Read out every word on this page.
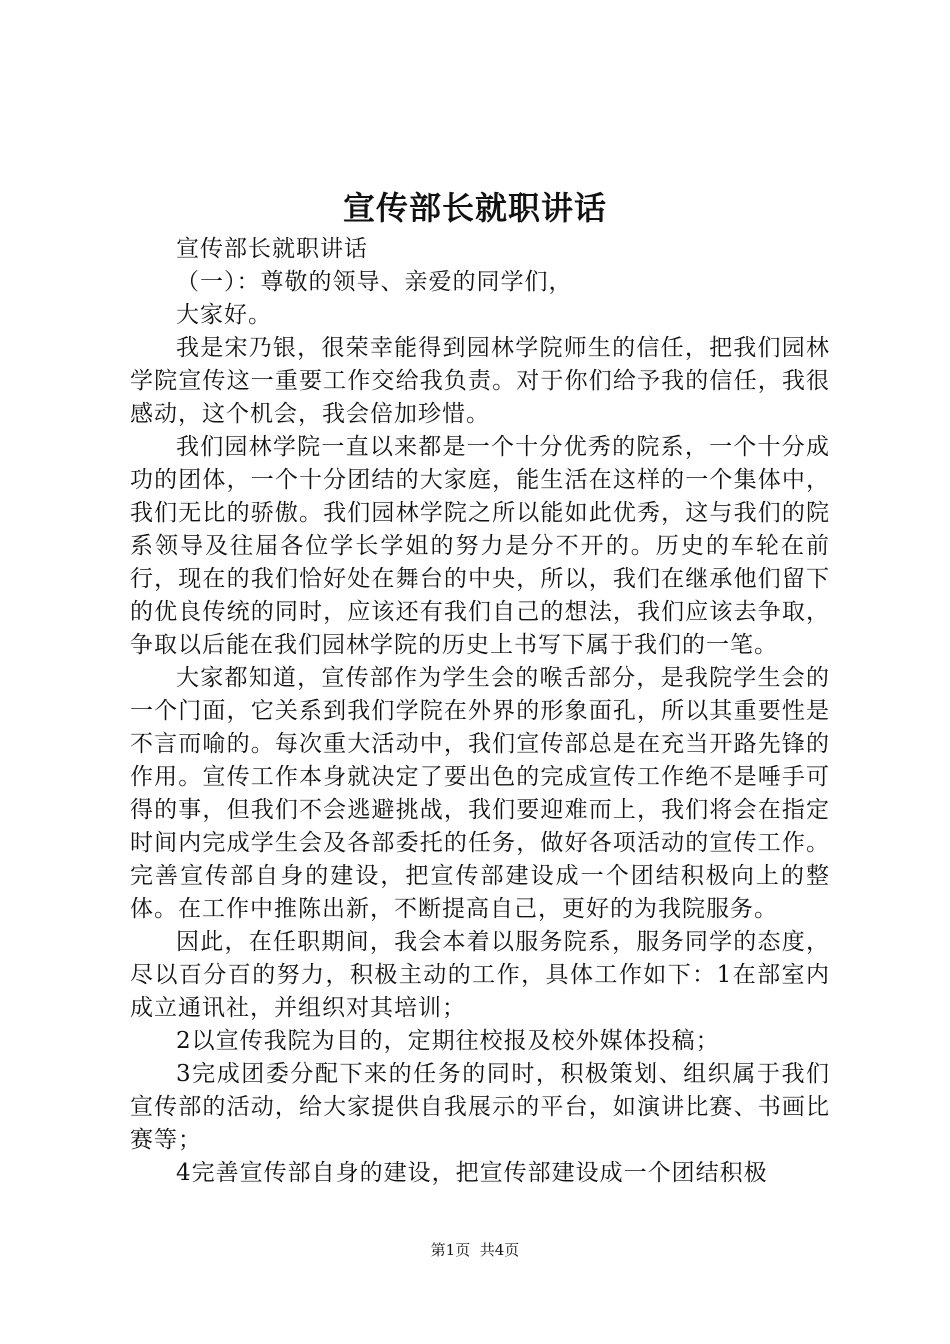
宣传部长就职讲话

宣传部长就职讲话

（一）：尊敬的领导、亲爱的同学们，

大家好。

我是宋乃银，很荣幸能得到园林学院师生的信任，把我们园林学院宣传这一重要工作交给我负责。对于你们给予我的信任，我很感动，这个机会，我会倍加珍惜。

我们园林学院一直以来都是一个十分优秀的院系，一个十分成功的团体，一个十分团结的大家庭，能生活在这样的一个集体中，我们无比的骄傲。我们园林学院之所以能如此优秀，这与我们的院系领导及往届各位学长学姐的努力是分不开的。历史的车轮在前行，现在的我们恰好处在舞台的中央，所以，我们在继承他们留下的优良传统的同时，应该还有我们自己的想法，我们应该去争取，争取以后能在我们园林学院的历史上书写下属于我们的一笔。

大家都知道，宣传部作为学生会的喉舌部分，是我院学生会的一个门面，它关系到我们学院在外界的形象面孔，所以其重要性是不言而喻的。每次重大活动中，我们宣传部总是在充当开路先锋的作用。宣传工作本身就决定了要出色的完成宣传工作绝不是唾手可得的事，但我们不会逃避挑战，我们要迎难而上，我们将会在指定时间内完成学生会及各部委托的任务，做好各项活动的宣传工作。完善宣传部自身的建设，把宣传部建设成一个团结积极向上的整体。在工作中推陈出新，不断提高自己，更好的为我院服务。

因此，在任职期间，我会本着以服务院系，服务同学的态度，尽以百分百的努力，积极主动的工作，具体工作如下：1在部室内成立通讯社，并组织对其培训；

2以宣传我院为目的，定期往校报及校外媒体投稿；

3完成团委分配下来的任务的同时，积极策划、组织属于我们宣传部的活动，给大家提供自我展示的平台，如演讲比赛、书画比赛等；

4完善宣传部自身的建设，把宣传部建设成一个团结积极

第1页 共4页
